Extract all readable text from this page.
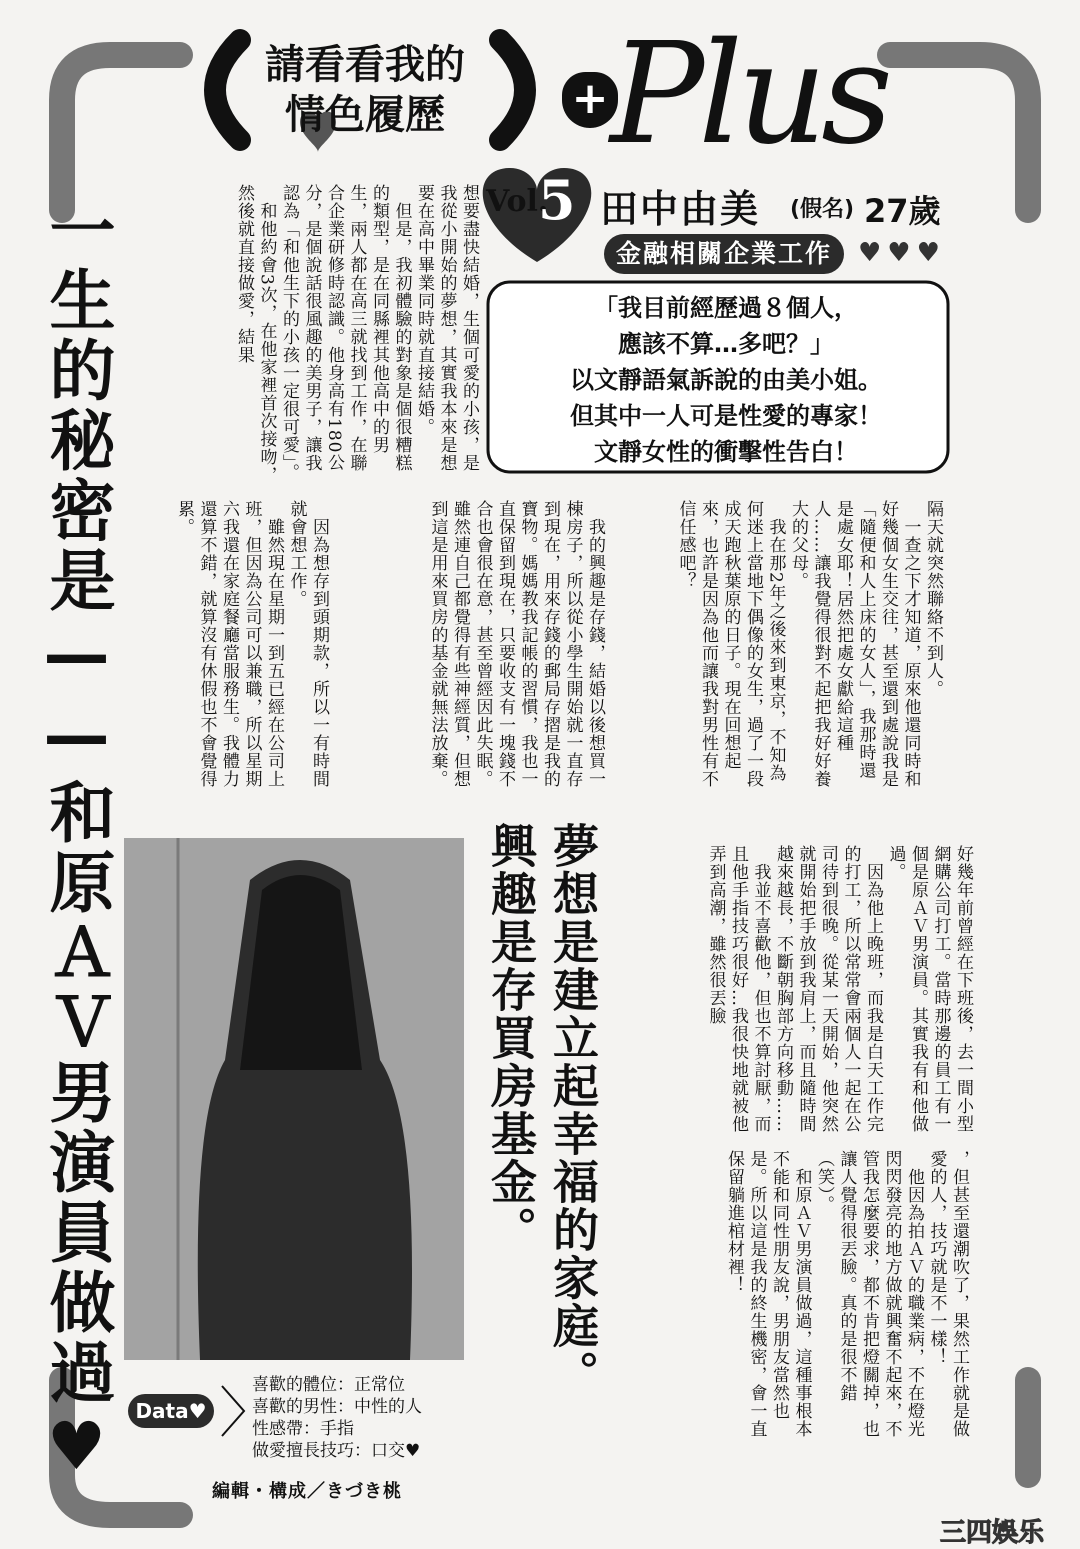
請看看我的
情色履歷	+ Plus
Vol.
5 田中由美 (假名) 27歲
金融相關企業工作	♥♥♥
「我目前經歷過８個人，
應該不算…多吧？」
以文靜語氣訴說的由美小姐。
但其中一人可是性愛的專家！
文靜女性的衝擊性告白！
一生的秘密是——和原ＡＶ男演員做過♥	想要盡快結婚，生個可愛的小孩，是我從小開始的夢想，其實我本來是想要在高中畢業同時就直接結婚。
　但是，我初體驗的對象是個很糟糕的類型，是在同縣裡其他高中的男生，兩人都在高三就找到工作，在聯合企業研修時認識。他身高有180公分，是個說話很風趣的美男子，讓我認為「和他生下的小孩一定很可愛」。
　和他約會3次，在他家裡首次接吻，然後就直接做愛，結果
隔天就突然聯絡不到人。
　一查之下才知道，原來他還同時和好幾個女生交往，甚至還到處說我是「隨便和人上床的女人」，我那時還是處女耶！居然把處女獻給這種人……讓我覺得很對不起把我好好養大的父母。
　我在那2年之後來到東京，不知為何迷上當地下偶像的女生，過了一段成天跑秋葉原的日子。現在回想起來，也許是因為他而讓我對男性有不信任感吧？
　我的興趣是存錢，結婚以後想買一棟房子，所以從小學生開始就一直存到現在，用來存錢的郵局存摺是我的寶物。媽媽教我記帳的習慣，我也一直保留到現在，只要收支有一塊錢不合也會很在意，甚至曾經因此失眠。雖然連自己都覺得有些神經質，但想到這是用來買房的基金就無法放棄。
　因為想存到頭期款，所以一有時間就會想工作。
　雖然現在星期一到五已經在公司上班，但因為公司可以兼職，所以星期六我還在家庭餐廳當服務生。我體力還算不錯，就算沒有休假也不會覺得累。
好幾年前曾經在下班後，去一間小型網購公司打工。當時那邊的員工有一個是原ＡＶ男演員。其實我有和他做過。
　因為他上晚班，而我是白天工作完的打工，所以常常會兩個人一起在公司待到很晚。從某一天開始，他突然就開始把手放到我肩上，而且隨時間越來越長，不斷朝胸部方向移動……
　我並不喜歡他，但也不算討厭，而且他手指技巧很好…我很快地就被他弄到高潮，雖然很丟臉
，但甚至還潮吹了，果然工作就是做愛的人，技巧就是不一樣！
　他因為拍ＡＶ的職業病，不在燈光閃閃發亮的地方做就興奮不起來，不管我怎麼要求，都不肯把燈關掉，也讓人覺得很丟臉。真的是很不錯（笑）。
　和原ＡＶ男演員做過，這種事根本不能和同性朋友說，男朋友當然也是。所以這是我的終生機密，會一直保留躺進棺材裡！
夢想是建立起幸福的家庭。
興趣是存買房基金。
Data♥
喜歡的體位：正常位
喜歡的男性：中性的人
性感帶：手指
做愛擅長技巧：口交♥
編輯・構成／きづき桃
三四娛乐
